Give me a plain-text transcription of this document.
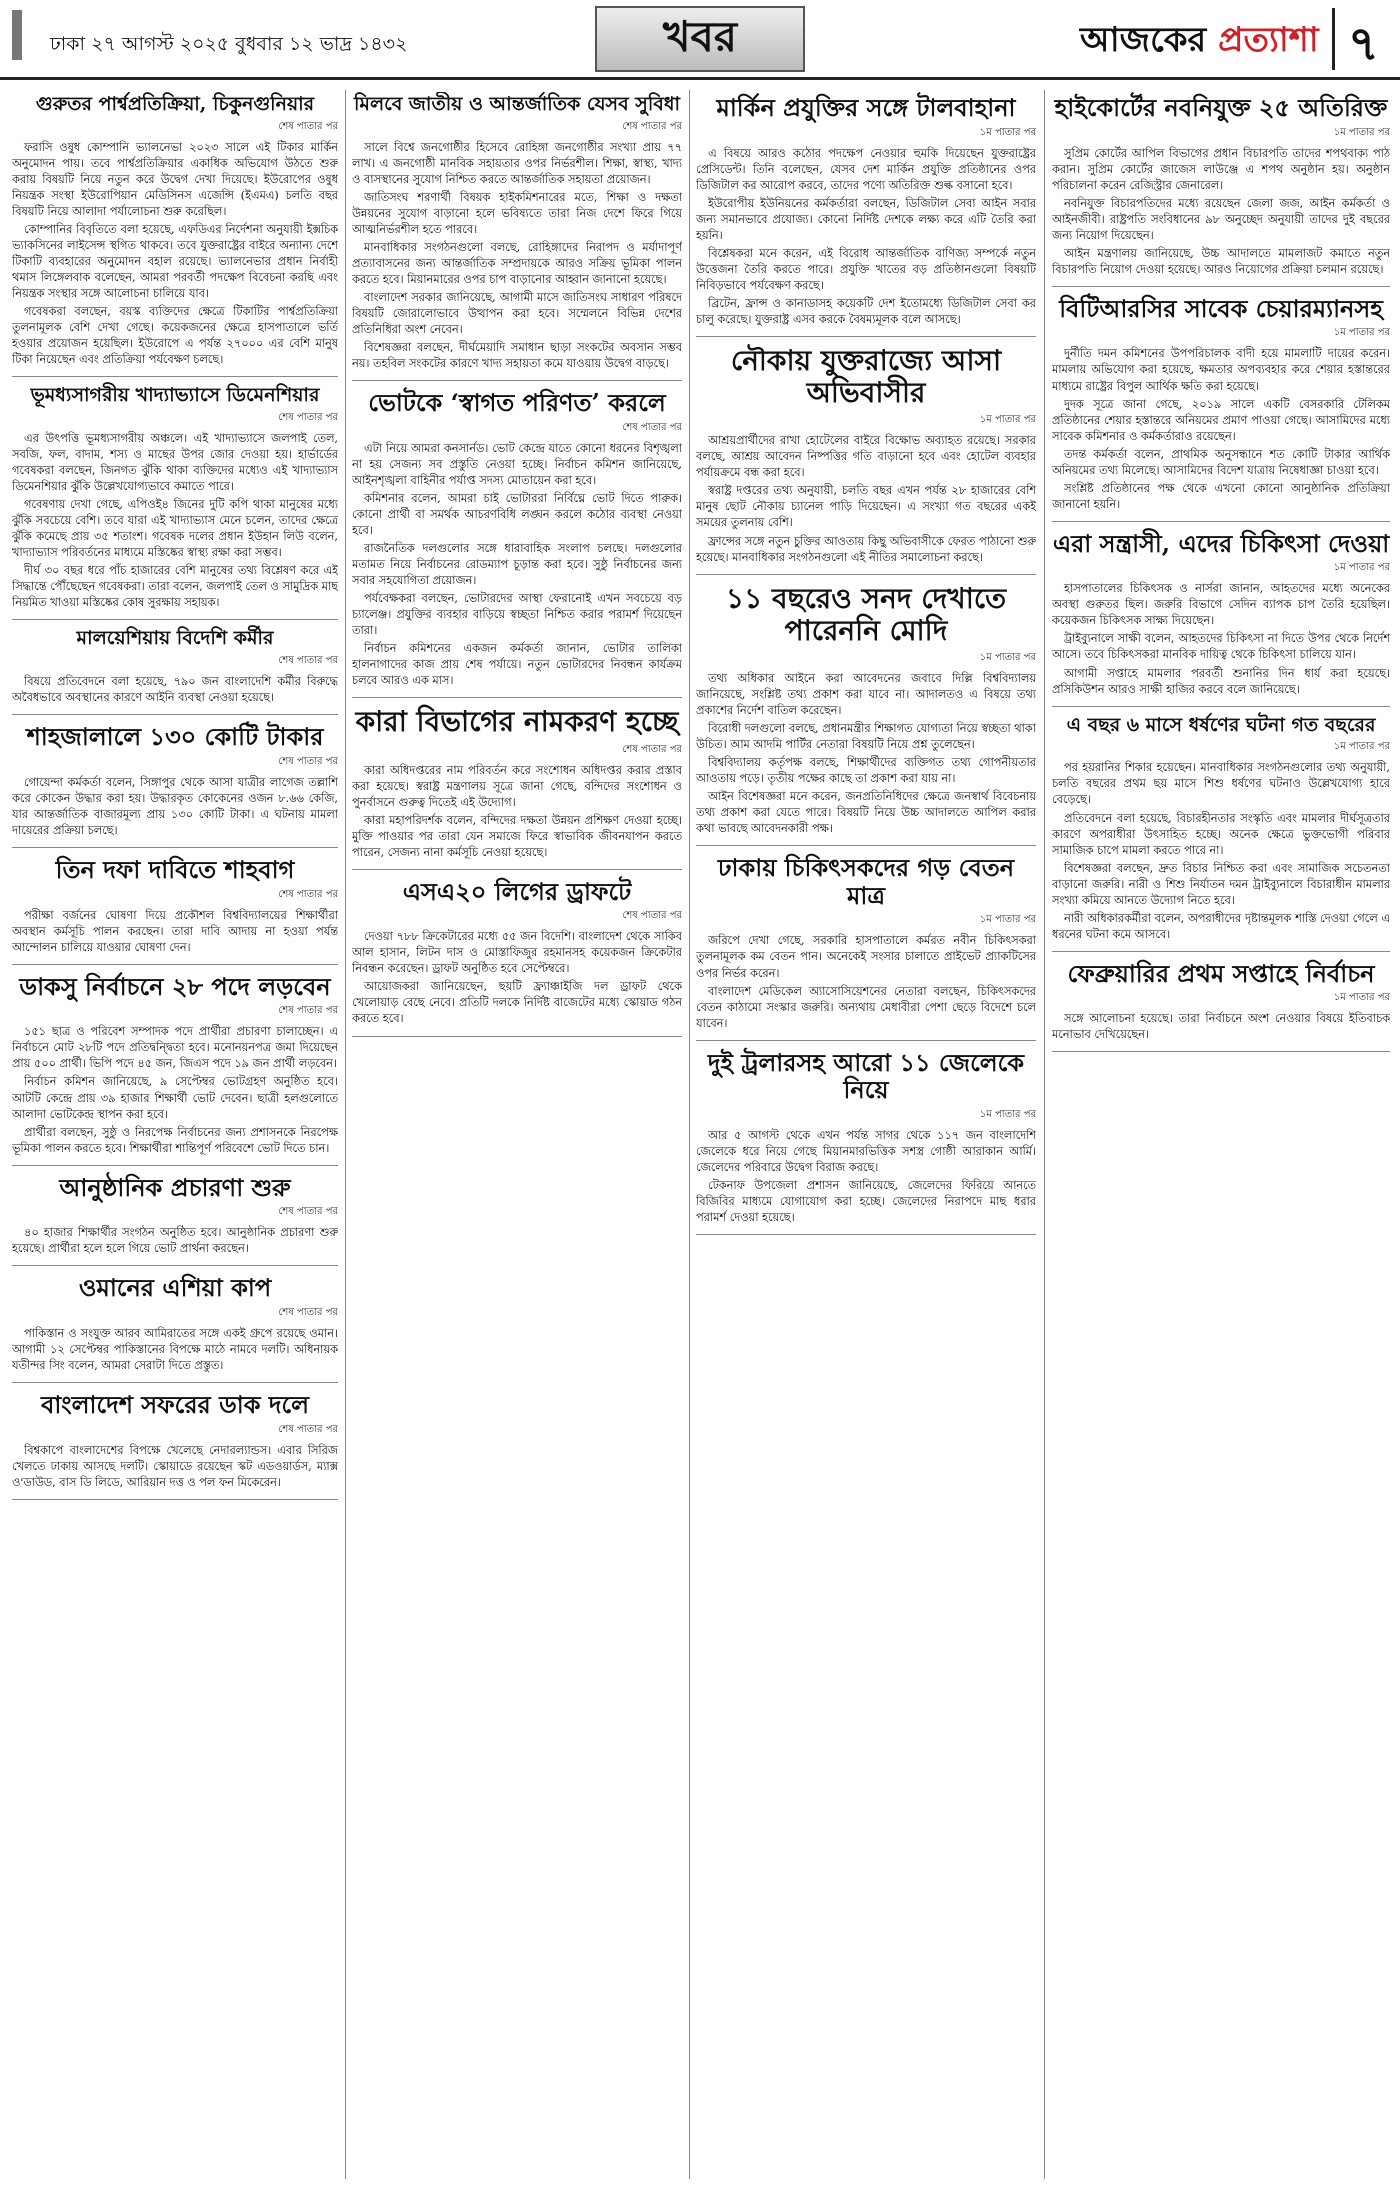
ঢাকা ২৭ আগস্ট ২০২৫ বুধবার ১২ ভাদ্র ১৪৩২	খবর	আজকের প্রত্যাশা ৭
গুরুতর পার্শ্বপ্রতিক্রিয়া, চিকুনগুনিয়ার
শেষ পাতার পর

ফরাসি ওষুধ কোম্পানি ভ্যালনেভা ২০২৩ সালে এই টিকার মার্কিন অনুমোদন পায়। তবে পার্শ্বপ্রতিক্রিয়ার একাধিক অভিযোগ উঠতে শুরু করায় বিষয়টি নিয়ে নতুন করে উদ্বেগ দেখা দিয়েছে। ইউরোপের ওষুধ নিয়ন্ত্রক সংস্থা ইউরোপিয়ান মেডিসিনস এজেন্সি (ইএমএ) চলতি বছর বিষয়টি নিয়ে আলাদা পর্যালোচনা শুরু করেছিল।

কোম্পানির বিবৃতিতে বলা হয়েছে, এফডিএর নির্দেশনা অনুযায়ী ইক্সচিক ভ্যাকসিনের লাইসেন্স স্থগিত থাকবে। তবে যুক্তরাষ্ট্রের বাইরে অন্যান্য দেশে টিকাটি ব্যবহারের অনুমোদন বহাল রয়েছে। ভ্যালনেভার প্রধান নির্বাহী থমাস লিঙ্গেলবাক বলেছেন, আমরা পরবর্তী পদক্ষেপ বিবেচনা করছি এবং নিয়ন্ত্রক সংস্থার সঙ্গে আলোচনা চালিয়ে যাব।

গবেষকরা বলছেন, বয়স্ক ব্যক্তিদের ক্ষেত্রে টিকাটির পার্শ্বপ্রতিক্রিয়া তুলনামূলক বেশি দেখা গেছে। কয়েকজনের ক্ষেত্রে হাসপাতালে ভর্তি হওয়ার প্রয়োজন হয়েছিল। ইউরোপে এ পর্যন্ত ২৭০০০ এর বেশি মানুষ টিকা নিয়েছেন এবং প্রতিক্রিয়া পর্যবেক্ষণ চলছে।

ভূমধ্যসাগরীয় খাদ্যাভ্যাসে ডিমেনশিয়ার
শেষ পাতার পর

এর উৎপত্তি ভূমধ্যসাগরীয় অঞ্চলে। এই খাদ্যাভ্যাসে জলপাই তেল, সবজি, ফল, বাদাম, শস্য ও মাছের উপর জোর দেওয়া হয়। হার্ভার্ডের গবেষকরা বলছেন, জিনগত ঝুঁকি থাকা ব্যক্তিদের মধ্যেও এই খাদ্যাভ্যাস ডিমেনশিয়ার ঝুঁকি উল্লেখযোগ্যভাবে কমাতে পারে।

গবেষণায় দেখা গেছে, এপিওই৪ জিনের দুটি কপি থাকা মানুষের মধ্যে ঝুঁকি সবচেয়ে বেশি। তবে যারা এই খাদ্যাভ্যাস মেনে চলেন, তাদের ক্ষেত্রে ঝুঁকি কমেছে প্রায় ৩৫ শতাংশ। গবেষক দলের প্রধান ইউহান লিউ বলেন, খাদ্যাভ্যাস পরিবর্তনের মাধ্যমে মস্তিষ্কের স্বাস্থ্য রক্ষা করা সম্ভব।

দীর্ঘ ৩০ বছর ধরে পাঁচ হাজারের বেশি মানুষের তথ্য বিশ্লেষণ করে এই সিদ্ধান্তে পৌঁছেছেন গবেষকরা। তারা বলেন, জলপাই তেল ও সামুদ্রিক মাছ নিয়মিত খাওয়া মস্তিষ্কের কোষ সুরক্ষায় সহায়ক।

মালয়েশিয়ায় বিদেশি কর্মীর
শেষ পাতার পর

বিষয়ে প্রতিবেদনে বলা হয়েছে, ৭৯০ জন বাংলাদেশি কর্মীর বিরুদ্ধে অবৈধভাবে অবস্থানের কারণে আইনি ব্যবস্থা নেওয়া হয়েছে।

শাহজালালে ১৩০ কোটি টাকার
শেষ পাতার পর

গোয়েন্দা কর্মকর্তা বলেন, সিঙ্গাপুর থেকে আসা যাত্রীর লাগেজ তল্লাশি করে কোকেন উদ্ধার করা হয়। উদ্ধারকৃত কোকেনের ওজন ৮.৬৬ কেজি, যার আন্তর্জাতিক বাজারমূল্য প্রায় ১৩০ কোটি টাকা। এ ঘটনায় মামলা দায়েরের প্রক্রিয়া চলছে।

তিন দফা দাবিতে শাহবাগ
শেষ পাতার পর

পরীক্ষা বর্জনের ঘোষণা দিয়ে প্রকৌশল বিশ্ববিদ্যালয়ের শিক্ষার্থীরা অবস্থান কর্মসূচি পালন করছেন। তারা দাবি আদায় না হওয়া পর্যন্ত আন্দোলন চালিয়ে যাওয়ার ঘোষণা দেন।

ডাকসু নির্বাচনে ২৮ পদে লড়বেন
শেষ পাতার পর

১৫১ ছাত্র ও পরিবেশ সম্পাদক পদে প্রার্থীরা প্রচারণা চালাচ্ছেন। এ নির্বাচনে মোট ২৮টি পদে প্রতিদ্বন্দ্বিতা হবে। মনোনয়নপত্র জমা দিয়েছেন প্রায় ৫০০ প্রার্থী। ভিপি পদে ৪৫ জন, জিএস পদে ১৯ জন প্রার্থী লড়বেন।

নির্বাচন কমিশন জানিয়েছে, ৯ সেপ্টেম্বর ভোটগ্রহণ অনুষ্ঠিত হবে। আটটি কেন্দ্রে প্রায় ৩৯ হাজার শিক্ষার্থী ভোট দেবেন। ছাত্রী হলগুলোতে আলাদা ভোটকেন্দ্র স্থাপন করা হবে।

প্রার্থীরা বলছেন, সুষ্ঠু ও নিরপেক্ষ নির্বাচনের জন্য প্রশাসনকে নিরপেক্ষ ভূমিকা পালন করতে হবে। শিক্ষার্থীরা শান্তিপূর্ণ পরিবেশে ভোট দিতে চান।

আনুষ্ঠানিক প্রচারণা শুরু
শেষ পাতার পর

৪০ হাজার শিক্ষার্থীর সংগঠন অনুষ্ঠিত হবে। আনুষ্ঠানিক প্রচারণা শুরু হয়েছে। প্রার্থীরা হলে হলে গিয়ে ভোট প্রার্থনা করছেন।

ওমানের এশিয়া কাপ
শেষ পাতার পর

পাকিস্তান ও সংযুক্ত আরব আমিরাতের সঙ্গে একই গ্রুপে রয়েছে ওমান। আগামী ১২ সেপ্টেম্বর পাকিস্তানের বিপক্ষে মাঠে নামবে দলটি। অধিনায়ক যতীন্দর সিং বলেন, আমরা সেরাটা দিতে প্রস্তুত।

বাংলাদেশ সফরের ডাক দলে
শেষ পাতার পর

বিশ্বকাপে বাংলাদেশের বিপক্ষে খেলেছে নেদারল্যান্ডস। এবার সিরিজ খেলতে ঢাকায় আসছে দলটি। স্কোয়াডে রয়েছেন স্কট এডওয়ার্ডস, ম্যাক্স ও'ডাউড, বাস ডি লিডে, আরিয়ান দত্ত ও পল ফন মিকেরেন।

মিলবে জাতীয় ও আন্তর্জাতিক যেসব সুবিধা
শেষ পাতার পর

সালে বিশ্বে জনগোষ্ঠীর হিসেবে রোহিঙ্গা জনগোষ্ঠীর সংখ্যা প্রায় ৭৭ লাখ। এ জনগোষ্ঠী মানবিক সহায়তার ওপর নির্ভরশীল। শিক্ষা, স্বাস্থ্য, খাদ্য ও বাসস্থানের সুযোগ নিশ্চিত করতে আন্তর্জাতিক সহায়তা প্রয়োজন।

জাতিসংঘ শরণার্থী বিষয়ক হাইকমিশনারের মতে, শিক্ষা ও দক্ষতা উন্নয়নের সুযোগ বাড়ানো হলে ভবিষ্যতে তারা নিজ দেশে ফিরে গিয়ে আত্মনির্ভরশীল হতে পারবে।

মানবাধিকার সংগঠনগুলো বলছে, রোহিঙ্গাদের নিরাপদ ও মর্যাদাপূর্ণ প্রত্যাবাসনের জন্য আন্তর্জাতিক সম্প্রদায়কে আরও সক্রিয় ভূমিকা পালন করতে হবে। মিয়ানমারের ওপর চাপ বাড়ানোর আহ্বান জানানো হয়েছে।

বাংলাদেশ সরকার জানিয়েছে, আগামী মাসে জাতিসংঘ সাধারণ পরিষদে বিষয়টি জোরালোভাবে উত্থাপন করা হবে। সম্মেলনে বিভিন্ন দেশের প্রতিনিধিরা অংশ নেবেন।

বিশেষজ্ঞরা বলছেন, দীর্ঘমেয়াদি সমাধান ছাড়া সংকটের অবসান সম্ভব নয়। তহবিল সংকটের কারণে খাদ্য সহায়তা কমে যাওয়ায় উদ্বেগ বাড়ছে।

ভোটকে ‘স্বাগত পরিণত’ করলে
শেষ পাতার পর

এটা নিয়ে আমরা কনসার্নড। ভোট কেন্দ্রে যাতে কোনো ধরনের বিশৃঙ্খলা না হয় সেজন্য সব প্রস্তুতি নেওয়া হচ্ছে। নির্বাচন কমিশন জানিয়েছে, আইনশৃঙ্খলা বাহিনীর পর্যাপ্ত সদস্য মোতায়েন করা হবে।

কমিশনার বলেন, আমরা চাই ভোটাররা নির্বিঘ্নে ভোট দিতে পারুক। কোনো প্রার্থী বা সমর্থক আচরণবিধি লঙ্ঘন করলে কঠোর ব্যবস্থা নেওয়া হবে।

রাজনৈতিক দলগুলোর সঙ্গে ধারাবাহিক সংলাপ চলছে। দলগুলোর মতামত নিয়ে নির্বাচনের রোডম্যাপ চূড়ান্ত করা হবে। সুষ্ঠু নির্বাচনের জন্য সবার সহযোগিতা প্রয়োজন।

পর্যবেক্ষকরা বলছেন, ভোটারদের আস্থা ফেরানোই এখন সবচেয়ে বড় চ্যালেঞ্জ। প্রযুক্তির ব্যবহার বাড়িয়ে স্বচ্ছতা নিশ্চিত করার পরামর্শ দিয়েছেন তারা।

নির্বাচন কমিশনের একজন কর্মকর্তা জানান, ভোটার তালিকা হালনাগাদের কাজ প্রায় শেষ পর্যায়ে। নতুন ভোটারদের নিবন্ধন কার্যক্রম চলবে আরও এক মাস।

কারা বিভাগের নামকরণ হচ্ছে
শেষ পাতার পর

কারা অধিদপ্তরের নাম পরিবর্তন করে সংশোধন অধিদপ্তর করার প্রস্তাব করা হয়েছে। স্বরাষ্ট্র মন্ত্রণালয় সূত্রে জানা গেছে, বন্দিদের সংশোধন ও পুনর্বাসনে গুরুত্ব দিতেই এই উদ্যোগ।

কারা মহাপরিদর্শক বলেন, বন্দিদের দক্ষতা উন্নয়ন প্রশিক্ষণ দেওয়া হচ্ছে। মুক্তি পাওয়ার পর তারা যেন সমাজে ফিরে স্বাভাবিক জীবনযাপন করতে পারেন, সেজন্য নানা কর্মসূচি নেওয়া হয়েছে।

এসএ২০ লিগের ড্রাফটে
শেষ পাতার পর

দেওয়া ৭৮৮ ক্রিকেটারের মধ্যে ৫৫ জন বিদেশি। বাংলাদেশ থেকে সাকিব আল হাসান, লিটন দাস ও মোস্তাফিজুর রহমানসহ কয়েকজন ক্রিকেটার নিবন্ধন করেছেন। ড্রাফট অনুষ্ঠিত হবে সেপ্টেম্বরে।

আয়োজকরা জানিয়েছেন, ছয়টি ফ্র্যাঞ্চাইজি দল ড্রাফট থেকে খেলোয়াড় বেছে নেবে। প্রতিটি দলকে নির্দিষ্ট বাজেটের মধ্যে স্কোয়াড গঠন করতে হবে।

মার্কিন প্রযুক্তির সঙ্গে টালবাহানা
১ম পাতার পর

এ বিষয়ে আরও কঠোর পদক্ষেপ নেওয়ার হুমকি দিয়েছেন যুক্তরাষ্ট্রের প্রেসিডেন্ট। তিনি বলেছেন, যেসব দেশ মার্কিন প্রযুক্তি প্রতিষ্ঠানের ওপর ডিজিটাল কর আরোপ করবে, তাদের পণ্যে অতিরিক্ত শুল্ক বসানো হবে।

ইউরোপীয় ইউনিয়নের কর্মকর্তারা বলছেন, ডিজিটাল সেবা আইন সবার জন্য সমানভাবে প্রযোজ্য। কোনো নির্দিষ্ট দেশকে লক্ষ্য করে এটি তৈরি করা হয়নি।

বিশ্লেষকরা মনে করেন, এই বিরোধ আন্তর্জাতিক বাণিজ্য সম্পর্কে নতুন উত্তেজনা তৈরি করতে পারে। প্রযুক্তি খাতের বড় প্রতিষ্ঠানগুলো বিষয়টি নিবিড়ভাবে পর্যবেক্ষণ করছে।

ব্রিটেন, ফ্রান্স ও কানাডাসহ কয়েকটি দেশ ইতোমধ্যে ডিজিটাল সেবা কর চালু করেছে। যুক্তরাষ্ট্র এসব করকে বৈষম্যমূলক বলে আসছে।

নৌকায় যুক্তরাজ্যে আসা অভিবাসীর
১ম পাতার পর

আশ্রয়প্রার্থীদের রাখা হোটেলের বাইরে বিক্ষোভ অব্যাহত রয়েছে। সরকার বলছে, আশ্রয় আবেদন নিষ্পত্তির গতি বাড়ানো হবে এবং হোটেল ব্যবহার পর্যায়ক্রমে বন্ধ করা হবে।

স্বরাষ্ট্র দপ্তরের তথ্য অনুযায়ী, চলতি বছর এখন পর্যন্ত ২৮ হাজারের বেশি মানুষ ছোট নৌকায় চ্যানেল পাড়ি দিয়েছেন। এ সংখ্যা গত বছরের একই সময়ের তুলনায় বেশি।

ফ্রান্সের সঙ্গে নতুন চুক্তির আওতায় কিছু অভিবাসীকে ফেরত পাঠানো শুরু হয়েছে। মানবাধিকার সংগঠনগুলো এই নীতির সমালোচনা করছে।

১১ বছরেও সনদ দেখাতে পারেননি মোদি
১ম পাতার পর

তথ্য অধিকার আইনে করা আবেদনের জবাবে দিল্লি বিশ্ববিদ্যালয় জানিয়েছে, সংশ্লিষ্ট তথ্য প্রকাশ করা যাবে না। আদালতও এ বিষয়ে তথ্য প্রকাশের নির্দেশ বাতিল করেছেন।

বিরোধী দলগুলো বলছে, প্রধানমন্ত্রীর শিক্ষাগত যোগ্যতা নিয়ে স্বচ্ছতা থাকা উচিত। আম আদমি পার্টির নেতারা বিষয়টি নিয়ে প্রশ্ন তুলেছেন।

বিশ্ববিদ্যালয় কর্তৃপক্ষ বলছে, শিক্ষার্থীদের ব্যক্তিগত তথ্য গোপনীয়তার আওতায় পড়ে। তৃতীয় পক্ষের কাছে তা প্রকাশ করা যায় না।

আইন বিশেষজ্ঞরা মনে করেন, জনপ্রতিনিধিদের ক্ষেত্রে জনস্বার্থ বিবেচনায় তথ্য প্রকাশ করা যেতে পারে। বিষয়টি নিয়ে উচ্চ আদালতে আপিল করার কথা ভাবছে আবেদনকারী পক্ষ।

ঢাকায় চিকিৎসকদের গড় বেতন মাত্র
১ম পাতার পর

জরিপে দেখা গেছে, সরকারি হাসপাতালে কর্মরত নবীন চিকিৎসকরা তুলনামূলক কম বেতন পান। অনেকেই সংসার চালাতে প্রাইভেট প্র্যাকটিসের ওপর নির্ভর করেন।

বাংলাদেশ মেডিকেল অ্যাসোসিয়েশনের নেতারা বলছেন, চিকিৎসকদের বেতন কাঠামো সংস্কার জরুরি। অন্যথায় মেধাবীরা পেশা ছেড়ে বিদেশে চলে যাবেন।

দুই ট্রলারসহ আরো ১১ জেলেকে নিয়ে
১ম পাতার পর

আর ৫ আগস্ট থেকে এখন পর্যন্ত সাগর থেকে ১১৭ জন বাংলাদেশি জেলেকে ধরে নিয়ে গেছে মিয়ানমারভিত্তিক সশস্ত্র গোষ্ঠী আরাকান আর্মি। জেলেদের পরিবারে উদ্বেগ বিরাজ করছে।

টেকনাফ উপজেলা প্রশাসন জানিয়েছে, জেলেদের ফিরিয়ে আনতে বিজিবির মাধ্যমে যোগাযোগ করা হচ্ছে। জেলেদের নিরাপদে মাছ ধরার পরামর্শ দেওয়া হয়েছে।

হাইকোর্টের নবনিযুক্ত ২৫ অতিরিক্ত
১ম পাতার পর

সুপ্রিম কোর্টের আপিল বিভাগের প্রধান বিচারপতি তাদের শপথবাক্য পাঠ করান। সুপ্রিম কোর্টের জাজেস লাউঞ্জে এ শপথ অনুষ্ঠান হয়। অনুষ্ঠান পরিচালনা করেন রেজিস্ট্রার জেনারেল।

নবনিযুক্ত বিচারপতিদের মধ্যে রয়েছেন জেলা জজ, আইন কর্মকর্তা ও আইনজীবী। রাষ্ট্রপতি সংবিধানের ৯৮ অনুচ্ছেদ অনুযায়ী তাদের দুই বছরের জন্য নিয়োগ দিয়েছেন।

আইন মন্ত্রণালয় জানিয়েছে, উচ্চ আদালতে মামলাজট কমাতে নতুন বিচারপতি নিয়োগ দেওয়া হয়েছে। আরও নিয়োগের প্রক্রিয়া চলমান রয়েছে।

বিটিআরসির সাবেক চেয়ারম্যানসহ
১ম পাতার পর

দুর্নীতি দমন কমিশনের উপপরিচালক বাদী হয়ে মামলাটি দায়ের করেন। মামলায় অভিযোগ করা হয়েছে, ক্ষমতার অপব্যবহার করে শেয়ার হস্তান্তরের মাধ্যমে রাষ্ট্রের বিপুল আর্থিক ক্ষতি করা হয়েছে।

দুদক সূত্রে জানা গেছে, ২০১৯ সালে একটি বেসরকারি টেলিকম প্রতিষ্ঠানের শেয়ার হস্তান্তরে অনিয়মের প্রমাণ পাওয়া গেছে। আসামিদের মধ্যে সাবেক কমিশনার ও কর্মকর্তারাও রয়েছেন।

তদন্ত কর্মকর্তা বলেন, প্রাথমিক অনুসন্ধানে শত কোটি টাকার আর্থিক অনিয়মের তথ্য মিলেছে। আসামিদের বিদেশ যাত্রায় নিষেধাজ্ঞা চাওয়া হবে।

সংশ্লিষ্ট প্রতিষ্ঠানের পক্ষ থেকে এখনো কোনো আনুষ্ঠানিক প্রতিক্রিয়া জানানো হয়নি।

এরা সন্ত্রাসী, এদের চিকিৎসা দেওয়া
১ম পাতার পর

হাসপাতালের চিকিৎসক ও নার্সরা জানান, আহতদের মধ্যে অনেকের অবস্থা গুরুতর ছিল। জরুরি বিভাগে সেদিন ব্যাপক চাপ তৈরি হয়েছিল। কয়েকজন চিকিৎসক সাক্ষ্য দিয়েছেন।

ট্রাইব্যুনালে সাক্ষী বলেন, আহতদের চিকিৎসা না দিতে উপর থেকে নির্দেশ আসে। তবে চিকিৎসকরা মানবিক দায়িত্ব থেকে চিকিৎসা চালিয়ে যান।

আগামী সপ্তাহে মামলার পরবর্তী শুনানির দিন ধার্য করা হয়েছে। প্রসিকিউশন আরও সাক্ষী হাজির করবে বলে জানিয়েছে।

এ বছর ৬ মাসে ধর্ষণের ঘটনা গত বছরের
১ম পাতার পর

পর হয়রানির শিকার হয়েছেন। মানবাধিকার সংগঠনগুলোর তথ্য অনুযায়ী, চলতি বছরের প্রথম ছয় মাসে শিশু ধর্ষণের ঘটনাও উল্লেখযোগ্য হারে বেড়েছে।

প্রতিবেদনে বলা হয়েছে, বিচারহীনতার সংস্কৃতি এবং মামলার দীর্ঘসূত্রতার কারণে অপরাধীরা উৎসাহিত হচ্ছে। অনেক ক্ষেত্রে ভুক্তভোগী পরিবার সামাজিক চাপে মামলা করতে পারে না।

বিশেষজ্ঞরা বলছেন, দ্রুত বিচার নিশ্চিত করা এবং সামাজিক সচেতনতা বাড়ানো জরুরি। নারী ও শিশু নির্যাতন দমন ট্রাইব্যুনালে বিচারাধীন মামলার সংখ্যা কমিয়ে আনতে উদ্যোগ নিতে হবে।

নারী অধিকারকর্মীরা বলেন, অপরাধীদের দৃষ্টান্তমূলক শাস্তি দেওয়া গেলে এ ধরনের ঘটনা কমে আসবে।

ফেব্রুয়ারির প্রথম সপ্তাহে নির্বাচন
১ম পাতার পর

সঙ্গে আলোচনা হয়েছে। তারা নির্বাচনে অংশ নেওয়ার বিষয়ে ইতিবাচক মনোভাব দেখিয়েছেন।
